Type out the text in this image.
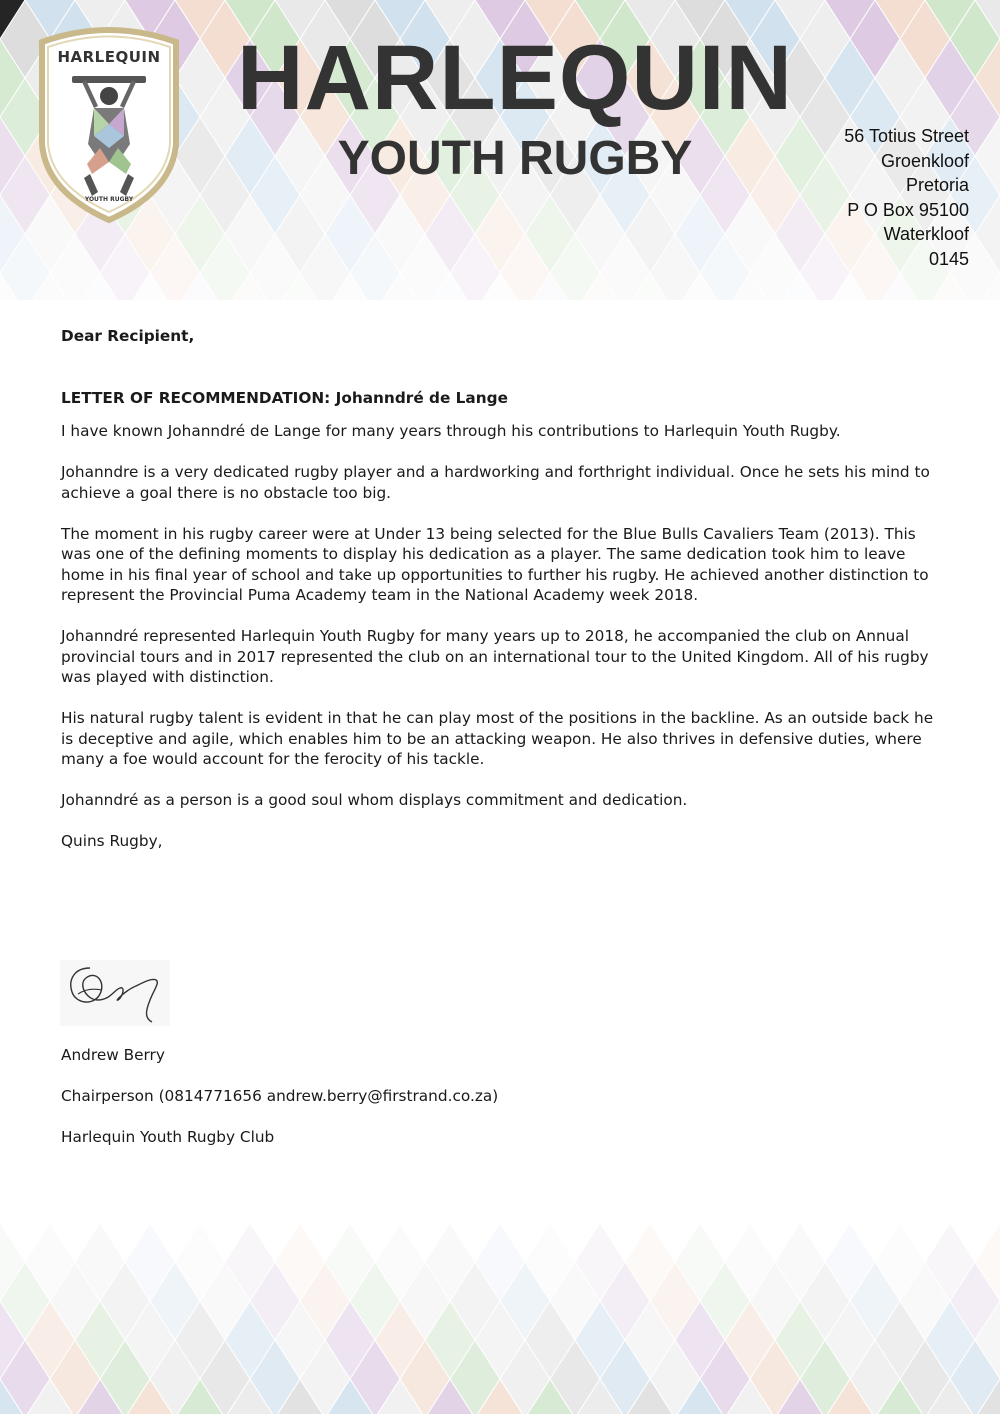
HARLEQUIN
YOUTH RUGBY
HARLEQUIN
YOUTH RUGBY	56 Totius Street
Groenkloof
Pretoria
P O Box 95100
Waterkloof
0145

Dear Recipient,

LETTER OF RECOMMENDATION: Johanndré de Lange

I have known Johanndré de Lange for many years through his contributions to Harlequin Youth Rugby.

Johanndre is a very dedicated rugby player and a hardworking and forthright individual. Once he sets his mind to achieve a goal there is no obstacle too big.

The moment in his rugby career were at Under 13 being selected for the Blue Bulls Cavaliers Team (2013). This was one of the defining moments to display his dedication as a player. The same dedication took him to leave home in his final year of school and take up opportunities to further his rugby. He achieved another distinction to represent the Provincial Puma Academy team in the National Academy week 2018.

Johanndré represented Harlequin Youth Rugby for many years up to 2018, he accompanied the club on Annual provincial tours and in 2017 represented the club on an international tour to the United Kingdom. All of his rugby was played with distinction.

His natural rugby talent is evident in that he can play most of the positions in the backline. As an outside back he is deceptive and agile, which enables him to be an attacking weapon. He also thrives in defensive duties, where many a foe would account for the ferocity of his tackle.

Johanndré as a person is a good soul whom displays commitment and dedication.

Quins Rugby,

Andrew Berry
Chairperson (0814771656 andrew.berry@firstrand.co.za)
Harlequin Youth Rugby Club
